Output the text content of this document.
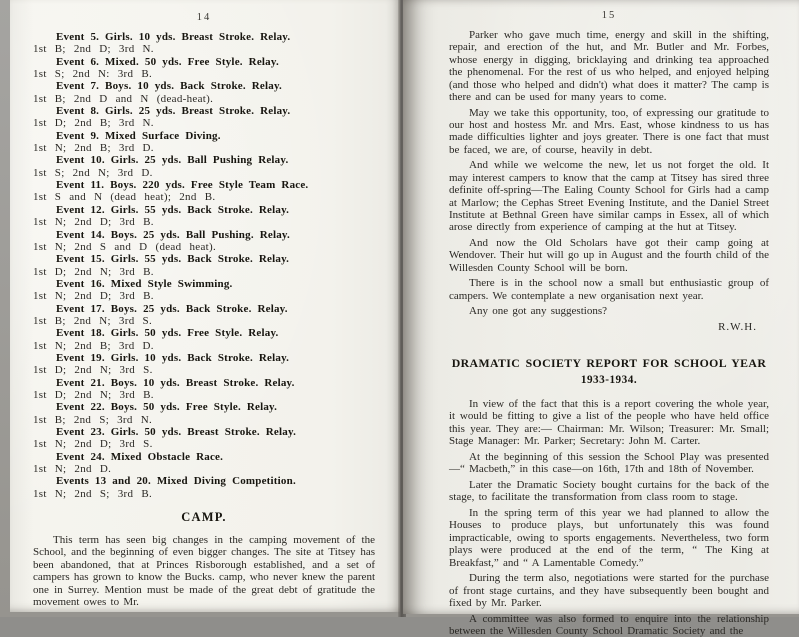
14
Event 5. Girls. 10 yds. Breast Stroke. Relay.
1st B; 2nd D; 3rd N.
Event 6. Mixed. 50 yds. Free Style. Relay.
1st S; 2nd N: 3rd B.
Event 7. Boys. 10 yds. Back Stroke. Relay.
1st B; 2nd D and N (dead-heat).
Event 8. Girls. 25 yds. Breast Stroke. Relay.
1st D; 2nd B; 3rd N.
Event 9. Mixed Surface Diving.
1st N; 2nd B; 3rd D.
Event 10. Girls. 25 yds. Ball Pushing Relay.
1st S; 2nd N; 3rd D.
Event 11. Boys. 220 yds. Free Style Team Race.
1st S and N (dead heat); 2nd B.
Event 12. Girls. 55 yds. Back Stroke. Relay.
1st N; 2nd D; 3rd B.
Event 14. Boys. 25 yds. Ball Pushing. Relay.
1st N; 2nd S and D (dead heat).
Event 15. Girls. 55 yds. Back Stroke. Relay.
1st D; 2nd N; 3rd B.
Event 16. Mixed Style Swimming.
1st N; 2nd D; 3rd B.
Event 17. Boys. 25 yds. Back Stroke. Relay.
1st B; 2nd N; 3rd S.
Event 18. Girls. 50 yds. Free Style. Relay.
1st N; 2nd B; 3rd D.
Event 19. Girls. 10 yds. Back Stroke. Relay.
1st D; 2nd N; 3rd S.
Event 21. Boys. 10 yds. Breast Stroke. Relay.
1st D; 2nd N; 3rd B.
Event 22. Boys. 50 yds. Free Style. Relay.
1st B; 2nd S; 3rd N.
Event 23. Girls. 50 yds. Breast Stroke. Relay.
1st N; 2nd D; 3rd S.
Event 24. Mixed Obstacle Race.
1st N; 2nd D.
Events 13 and 20. Mixed Diving Competition.
1st N; 2nd S; 3rd B.
CAMP.

This term has seen big changes in the camping movement of the School, and the beginning of even bigger changes. The site at Titsey has been abandoned, that at Princes Risborough established, and a set of campers has grown to know the Bucks. camp, who never knew the parent one in Surrey. Mention must be made of the great debt of gratitude the movement owes to Mr.

15

Parker who gave much time, energy and skill in the shifting, repair, and erection of the hut, and Mr. Butler and Mr. Forbes, whose energy in digging, bricklaying and drinking tea approached the phenomenal. For the rest of us who helped, and enjoyed helping (and those who helped and didn't) what does it matter? The camp is there and can be used for many years to come.

May we take this opportunity, too, of expressing our gratitude to our host and hostess Mr. and Mrs. East, whose kindness to us has made difficulties lighter and joys greater. There is one fact that must be faced, we are, of course, heavily in debt.

And while we welcome the new, let us not forget the old. It may interest campers to know that the camp at Titsey has sired three definite off-spring—The Ealing County School for Girls had a camp at Marlow; the Cephas Street Evening Institute, and the Daniel Street Institute at Bethnal Green have similar camps in Essex, all of which arose directly from experience of camping at the hut at Titsey.

And now the Old Scholars have got their camp going at Wendover. Their hut will go up in August and the fourth child of the Willesden County School will be born.

There is in the school now a small but enthusiastic group of campers. We contemplate a new organisation next year.

Any one got any suggestions?

R.W.H.

DRAMATIC SOCIETY REPORT FOR SCHOOL YEAR
1933-1934.

In view of the fact that this is a report covering the whole year, it would be fitting to give a list of the people who have held office this year. They are:— Chairman: Mr. Wilson; Treasurer: Mr. Small; Stage Manager: Mr. Parker; Secretary: John M. Carter.

At the beginning of this session the School Play was presented —“ Macbeth,” in this case—on 16th, 17th and 18th of November.

Later the Dramatic Society bought curtains for the back of the stage, to facilitate the transformation from class room to stage.

In the spring term of this year we had planned to allow the Houses to produce plays, but unfortunately this was found impracticable, owing to sports engagements. Nevertheless, two form plays were produced at the end of the term, “ The King at Breakfast,” and “ A Lamentable Comedy.”

During the term also, negotiations were started for the purchase of front stage curtains, and they have subsequently been bought and fixed by Mr. Parker.

A committee was also formed to enquire into the relationship between the Willesden County School Dramatic Society and the
